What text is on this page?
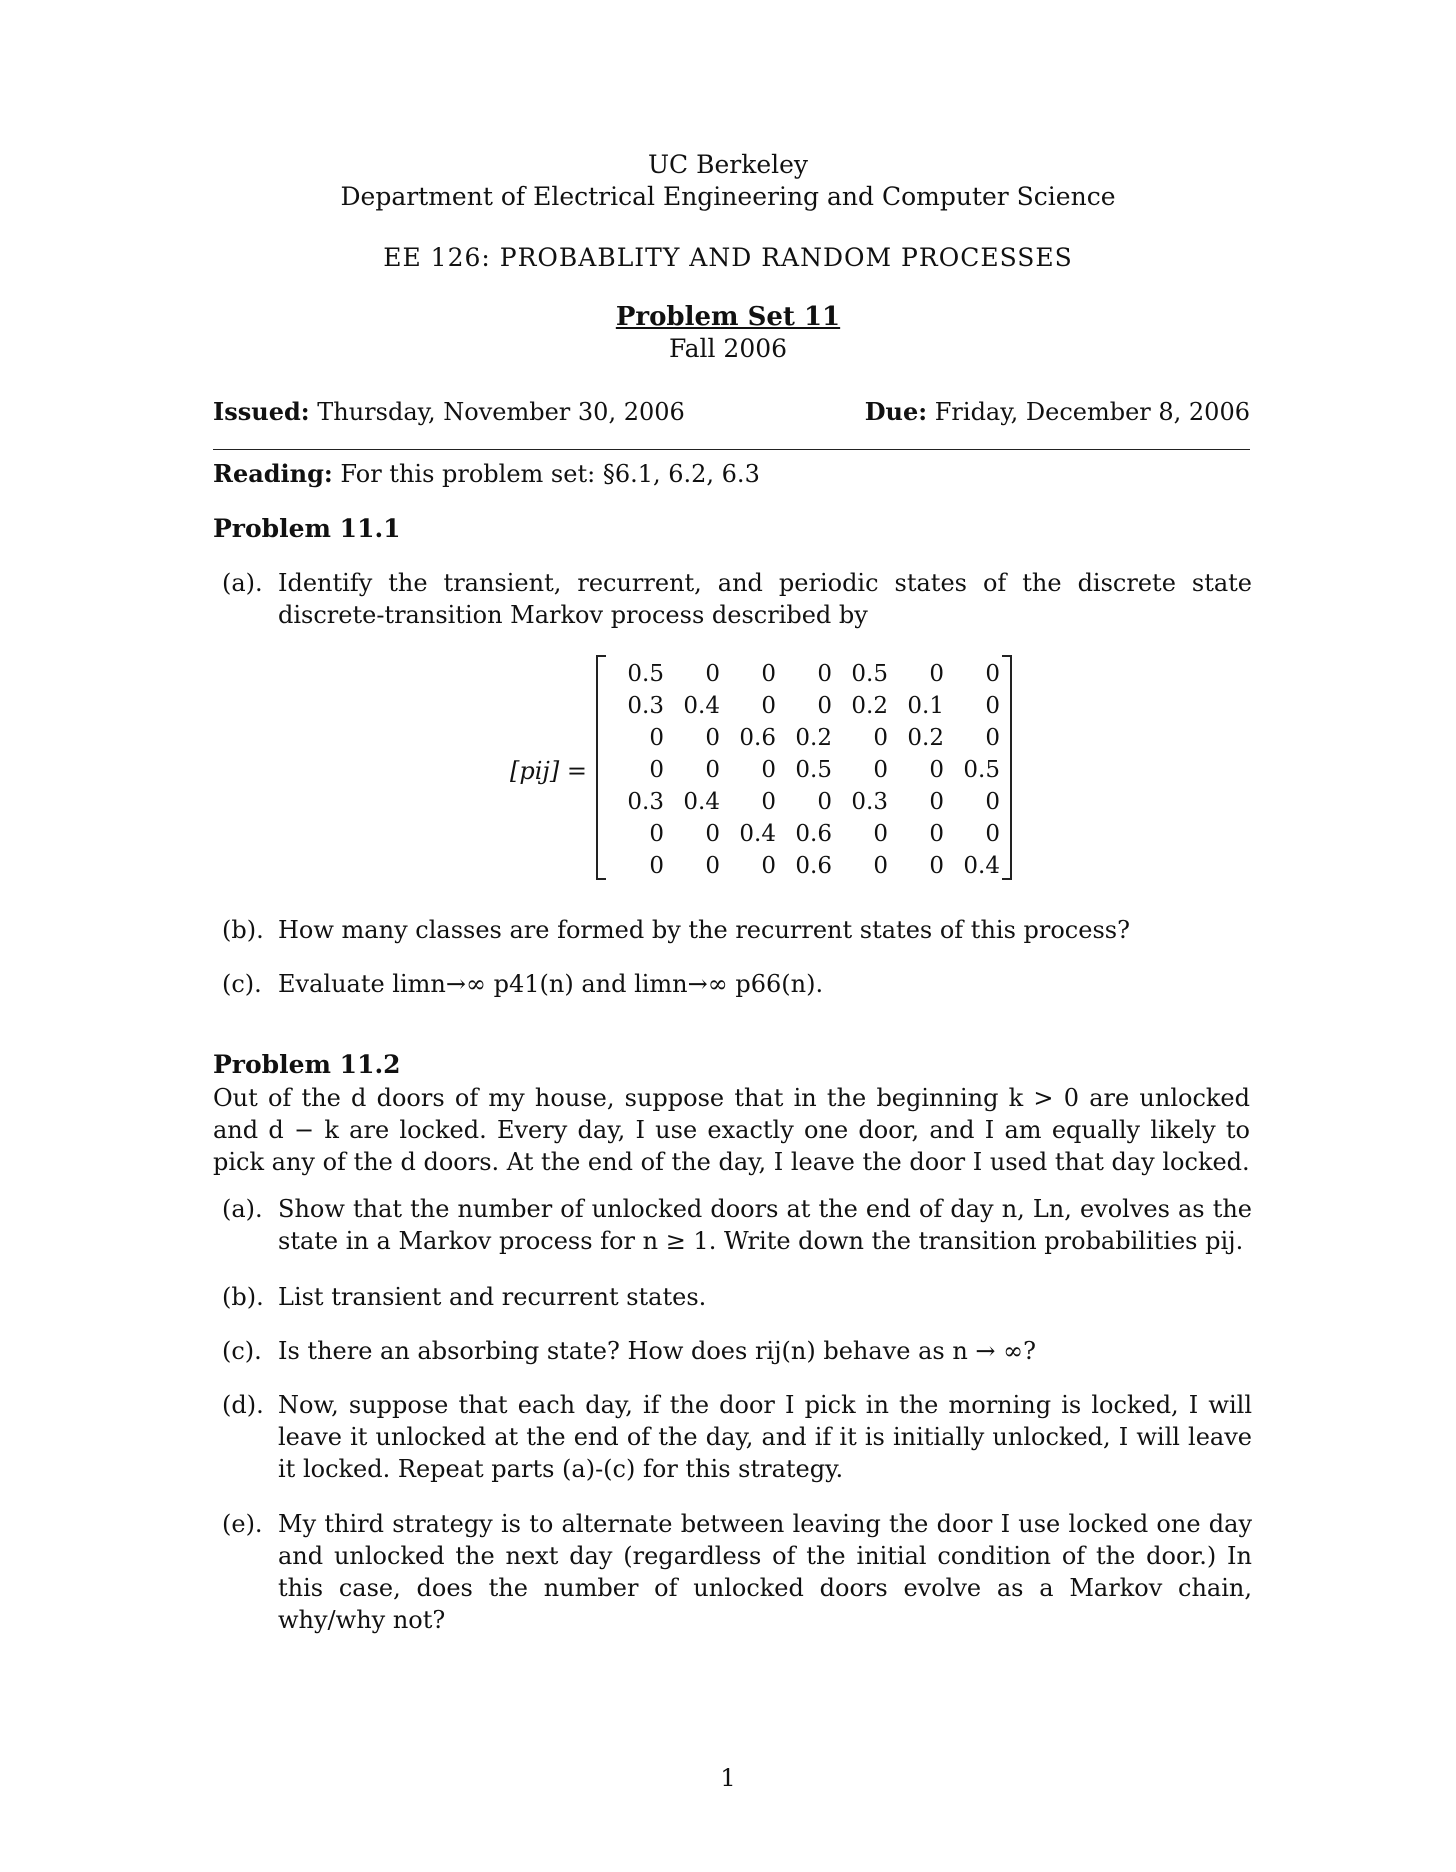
UC Berkeley
Department of Electrical Engineering and Computer Science
EE 126: PROBABLITY AND RANDOM PROCESSES
Problem Set 11
Fall 2006
Issued: Thursday, November 30, 2006	Due: Friday, December 8, 2006
Reading: For this problem set: §6.1, 6.2, 6.3
Problem 11.1
(a). Identify the transient, recurrent, and periodic states of the discrete state discrete-transition Markov process described by
[pij] =
0.5	0	0	0	0.5	0	0
0.3	0.4	0	0	0.2	0.1	0
0	0	0.6	0.2	0	0.2	0
0	0	0	0.5	0	0	0.5
0.3	0.4	0	0	0.3	0	0
0	0	0.4	0.6	0	0	0
0	0	0	0.6	0	0	0.4
(b). How many classes are formed by the recurrent states of this process?
(c). Evaluate limn→∞ p41(n) and limn→∞ p66(n).
Problem 11.2
Out of the d doors of my house, suppose that in the beginning k > 0 are unlocked and d − k are locked. Every day, I use exactly one door, and I am equally likely to pick any of the d doors. At the end of the day, I leave the door I used that day locked.
(a). Show that the number of unlocked doors at the end of day n, Ln, evolves as the state in a Markov process for n ≥ 1. Write down the transition probabilities pij.
(b). List transient and recurrent states.
(c). Is there an absorbing state? How does rij(n) behave as n → ∞?
(d). Now, suppose that each day, if the door I pick in the morning is locked, I will leave it unlocked at the end of the day, and if it is initially unlocked, I will leave it locked. Repeat parts (a)-(c) for this strategy.
(e). My third strategy is to alternate between leaving the door I use locked one day and unlocked the next day (regardless of the initial condition of the door.) In this case, does the number of unlocked doors evolve as a Markov chain, why/why not?
1
